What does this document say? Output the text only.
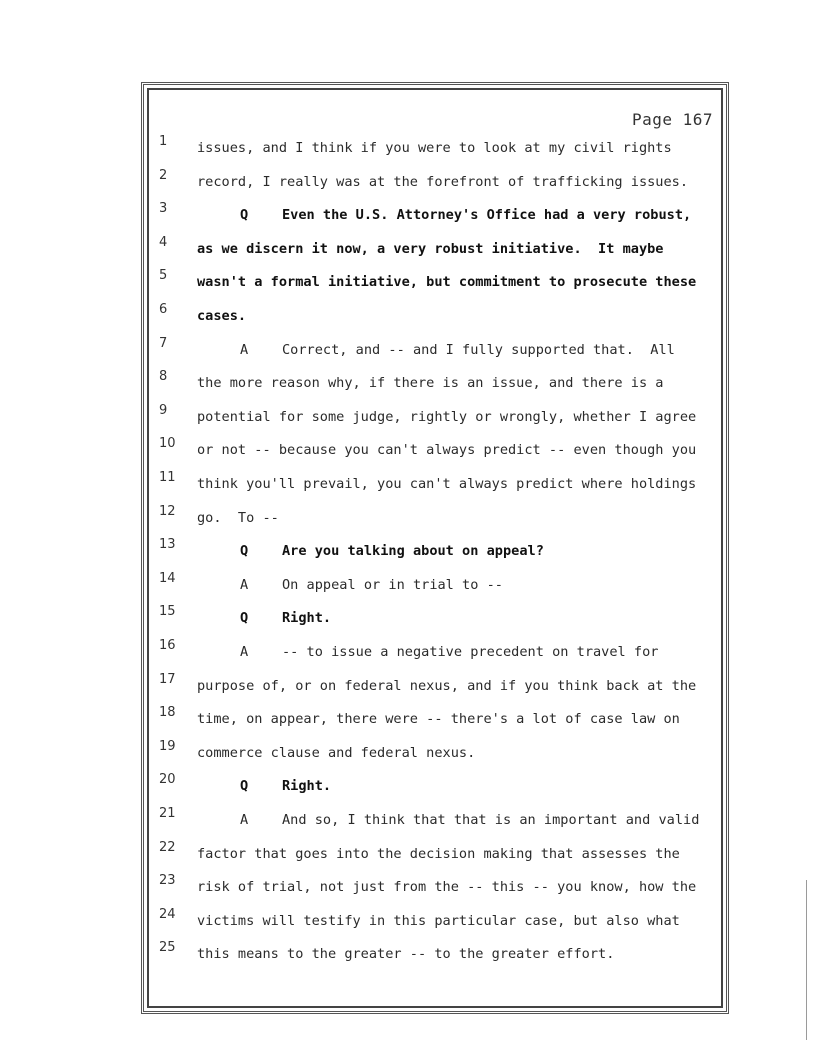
Page 167
1	issues, and I think if you were to look at my civil rights
2	record, I really was at the forefront of trafficking issues.
3	Q Even the U.S. Attorney's Office had a very robust,
4	as we discern it now, a very robust initiative.  It maybe
5	wasn't a formal initiative, but commitment to prosecute these
6	cases.
7	A Correct, and -- and I fully supported that.  All
8	the more reason why, if there is an issue, and there is a
9	potential for some judge, rightly or wrongly, whether I agree
10 or not -- because you can't always predict -- even though you
11 think you'll prevail, you can't always predict where holdings
12 go.  To --
13	Q Are you talking about on appeal?
14	A On appeal or in trial to --
15	Q Right.
16	A -- to issue a negative precedent on travel for
17 purpose of, or on federal nexus, and if you think back at the
18 time, on appear, there were -- there's a lot of case law on
19 commerce clause and federal nexus.
20	Q Right.
21	A And so, I think that that is an important and valid
22 factor that goes into the decision making that assesses the
23 risk of trial, not just from the -- this -- you know, how the
24 victims will testify in this particular case, but also what
25 this means to the greater -- to the greater effort.
